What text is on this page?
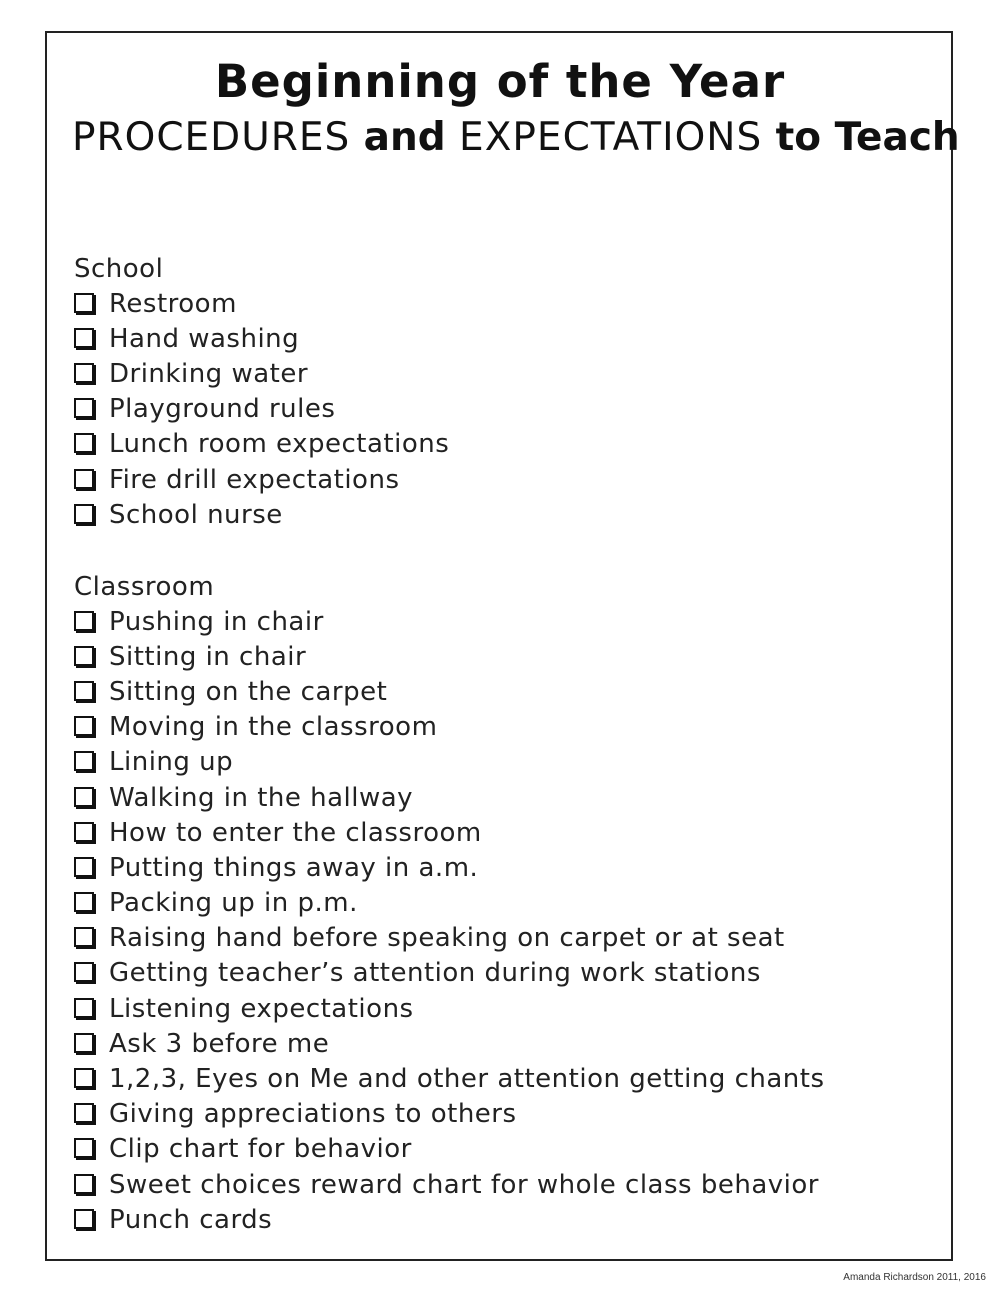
Beginning of the Year
PROCEDURES and EXPECTATIONS to Teach
School
Restroom
Hand washing
Drinking water
Playground rules
Lunch room expectations
Fire drill expectations
School nurse
Classroom
Pushing in chair
Sitting in chair
Sitting on the carpet
Moving in the classroom
Lining up
Walking in the hallway
How to enter the classroom
Putting things away in a.m.
Packing up in p.m.
Raising hand before speaking on carpet or at seat
Getting teacher’s attention during work stations
Listening expectations
Ask 3 before me
1,2,3, Eyes on Me and other attention getting chants
Giving appreciations to others
Clip chart for behavior
Sweet choices reward chart for whole class behavior
Punch cards
Amanda Richardson 2011, 2016
